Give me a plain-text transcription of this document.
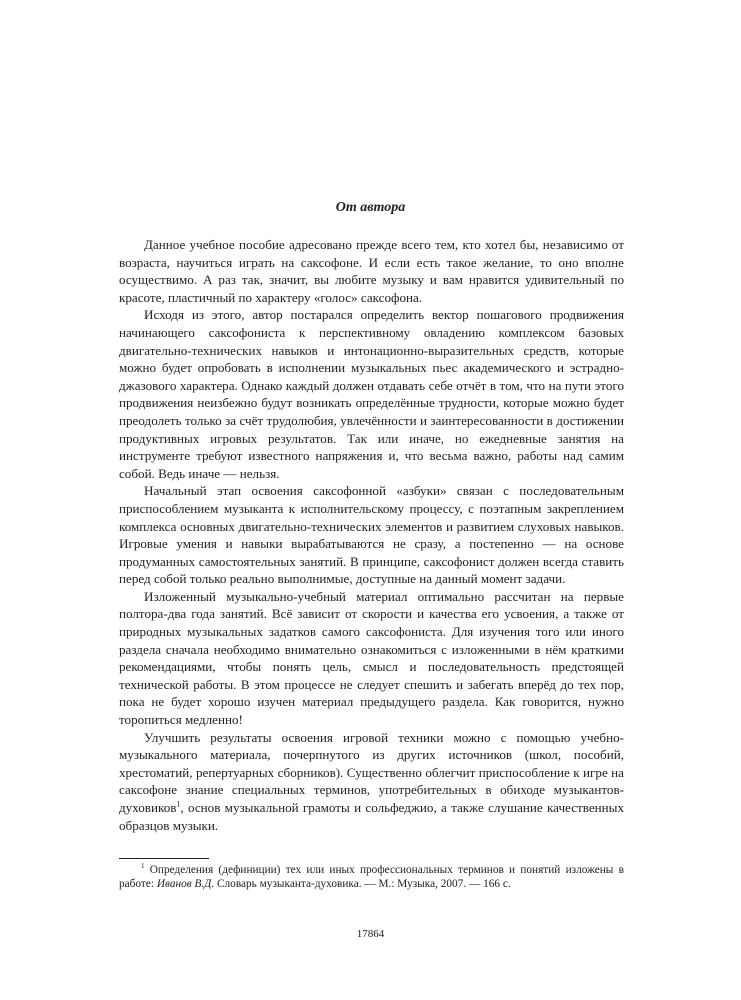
От автора

Данное учебное пособие адресовано прежде всего тем, кто хотел бы, независимо от возраста, научиться играть на саксофоне. И если есть такое желание, то оно вполне осуществимо. А раз так, значит, вы любите музыку и вам нравится удивительный по красоте, пластичный по характеру «голос» саксофона.

Исходя из этого, автор постарался определить вектор пошагового продвижения начинающего саксофониста к перспективному овладению комплексом базовых двигательно-технических навыков и интонационно-выразительных средств, которые можно будет опробовать в исполнении музыкальных пьес академического и эстрадно-джазового характера. Однако каждый должен отдавать себе отчёт в том, что на пути этого продвижения неизбежно будут возникать определённые трудности, которые можно будет преодолеть только за счёт трудолюбия, увлечённости и заинтересованности в достижении продуктивных игровых результатов. Так или иначе, но ежедневные занятия на инструменте требуют известного напряжения и, что весьма важно, работы над самим собой. Ведь иначе — нельзя.

Начальный этап освоения саксофонной «азбуки» связан с последовательным приспособлением музыканта к исполнительскому процессу, с поэтапным закреплением комплекса основных двигательно-технических элементов и развитием слуховых навыков. Игровые умения и навыки вырабатываются не сразу, а постепенно — на основе продуманных самостоятельных занятий. В принципе, саксофонист должен всегда ставить перед собой только реально выполнимые, доступные на данный момент задачи.

Изложенный музыкально-учебный материал оптимально рассчитан на первые полтора-два года занятий. Всё зависит от скорости и качества его усвоения, а также от природных музыкальных задатков самого саксофониста. Для изучения того или иного раздела сначала необходимо внимательно ознакомиться с изложенными в нём краткими рекомендациями, чтобы понять цель, смысл и последовательность предстоящей технической работы. В этом процессе не следует спешить и забегать вперёд до тех пор, пока не будет хорошо изучен материал предыдущего раздела. Как говорится, нужно торопиться медленно!

Улучшить результаты освоения игровой техники можно с помощью учебно-музыкального материала, почерпнутого из других источников (школ, пособий, хрестоматий, репертуарных сборников). Существенно облегчит приспособление к игре на саксофоне знание специальных терминов, употребительных в обиходе музыкантов-духовиков$^1$, основ музыкальной грамоты и сольфеджио, а также слушание качественных образцов музыки.

$^1$ Определения (дефиниции) тех или иных профессиональных терминов и понятий изложены в работе: Иванов В.Д. Словарь музыканта-духовика. — М.: Музыка, 2007. — 166 с.

17864
